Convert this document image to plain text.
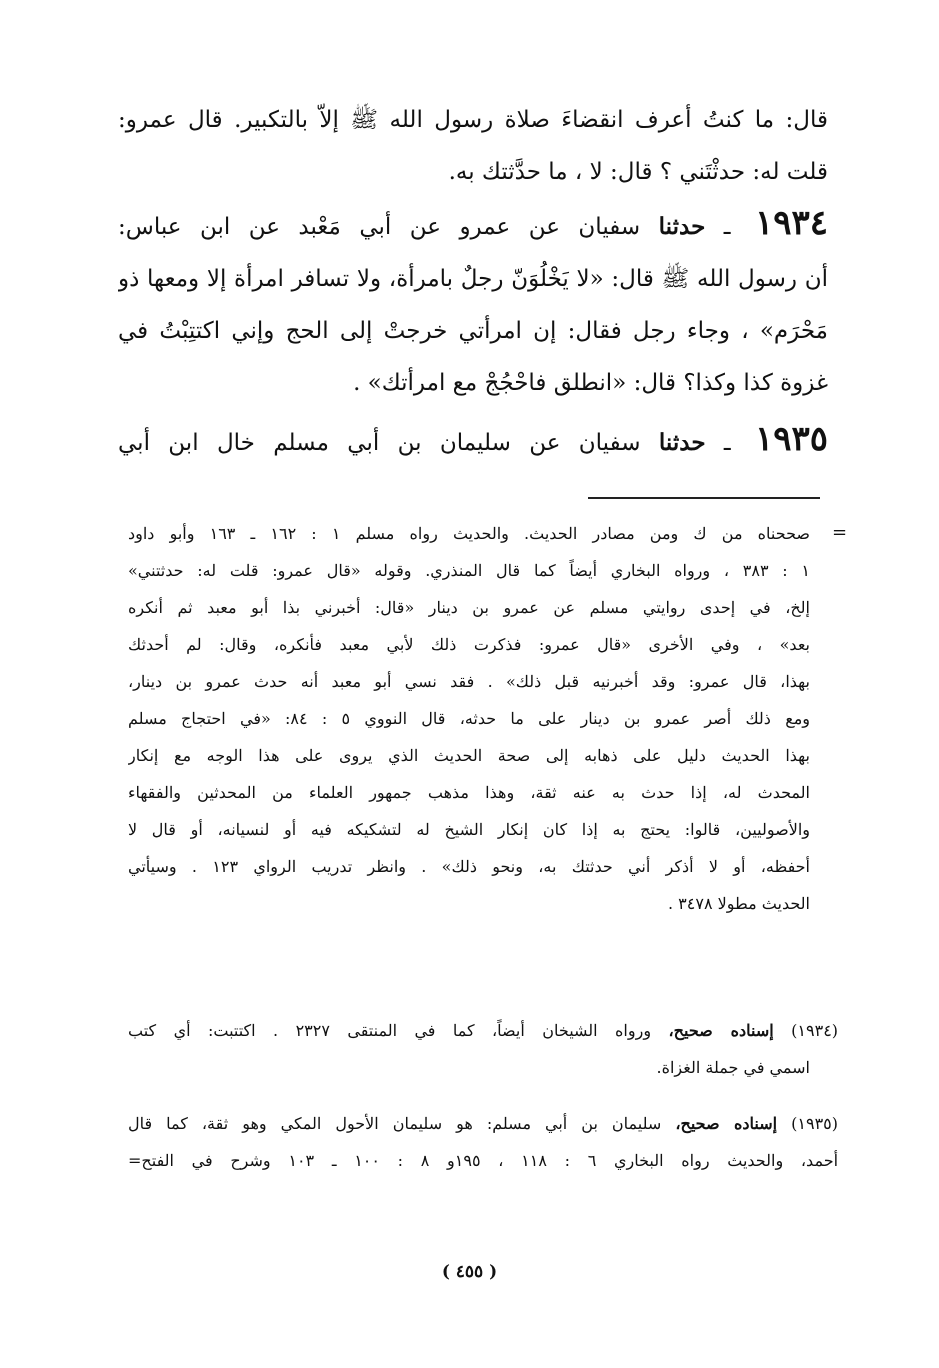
قال: ما كنتُ أعرف انقضاءَ صلاة رسول الله ﷺ إلاّ بالتكبير. قال عمرو:
قلت له: حدثْتَني ؟ قال: لا ، ما حدَّثتك به.
١٩٣٤ ـ حدثنا سفيان عن عمرو عن أبي مَعْبد عن ابن عباس:
أن رسول الله ﷺ قال: «لا يَخْلُوَنّ رجلٌ بامرأة، ولا تسافر امرأة إلا ومعها ذو
مَحْرَم» ، وجاء رجل فقال: إن امرأتي خرجتْ إلى الحج وإني اكتتِبْتُ في
غزوة كذا وكذا؟ قال: «انطلق فاحْجُجْ مع امرأتك» .
١٩٣٥ ـ حدثنا سفيان عن سليمان بن أبي مسلم خال ابن أبي
=
صححناه من ك ومن مصادر الحديث. والحديث رواه مسلم ١ : ١٦٢ ـ ١٦٣ وأبو داود
١ : ٣٨٣ ، ورواه البخاري أيضاً كما قال المنذري. وقوله «قال عمرو: قلت له: حدثتني»
إلخ، في إحدى روايتي مسلم عن عمرو بن دينار «قال: أخبرني بذا أبو معبد ثم أنكره
بعد» ، وفي الأخرى «قال عمرو: فذكرت ذلك لأبي معبد فأنكره، وقال: لم أحدثك
بهذا، قال عمرو: وقد أخبرنيه قبل ذلك» . فقد نسي أبو معبد أنه حدث عمرو بن دينار،
ومع ذلك أصر عمرو بن دينار على ما حدثه، قال النووي ٥ : ٨٤: «في احتجاج مسلم
بهذا الحديث دليل على ذهابه إلى صحة الحديث الذي يروى على هذا الوجه مع إنكار
المحدث له، إذا حدث به عنه ثقة، وهذا مذهب جمهور العلماء من المحدثين والفقهاء
والأصوليين، قالوا: يحتج به إذا كان إنكار الشيخ له لتشكيكه فيه أو لنسيانه، أو قال لا
أحفظه، أو لا أذكر أني حدثتك به، ونحو ذلك» . وانظر تدريب الرواي ١٢٣ . وسيأتي
الحديث مطولا ٣٤٧٨ .
(١٩٣٤) إسناده صحيح، ورواه الشيخان أيضاً، كما في المنتقى ٢٣٢٧ . اكتتبت: أي كتب
اسمي في جملة الغزاة.
(١٩٣٥) إسناده صحيح، سليمان بن أبي مسلم: هو سليمان الأحول المكي وهو ثقة، كما قال
أحمد، والحديث رواه البخاري ٦ : ١١٨ ، ١٩٥و ٨ : ١٠٠ ـ ١٠٣ وشرح في الفتح=
( ٤٥٥ )
